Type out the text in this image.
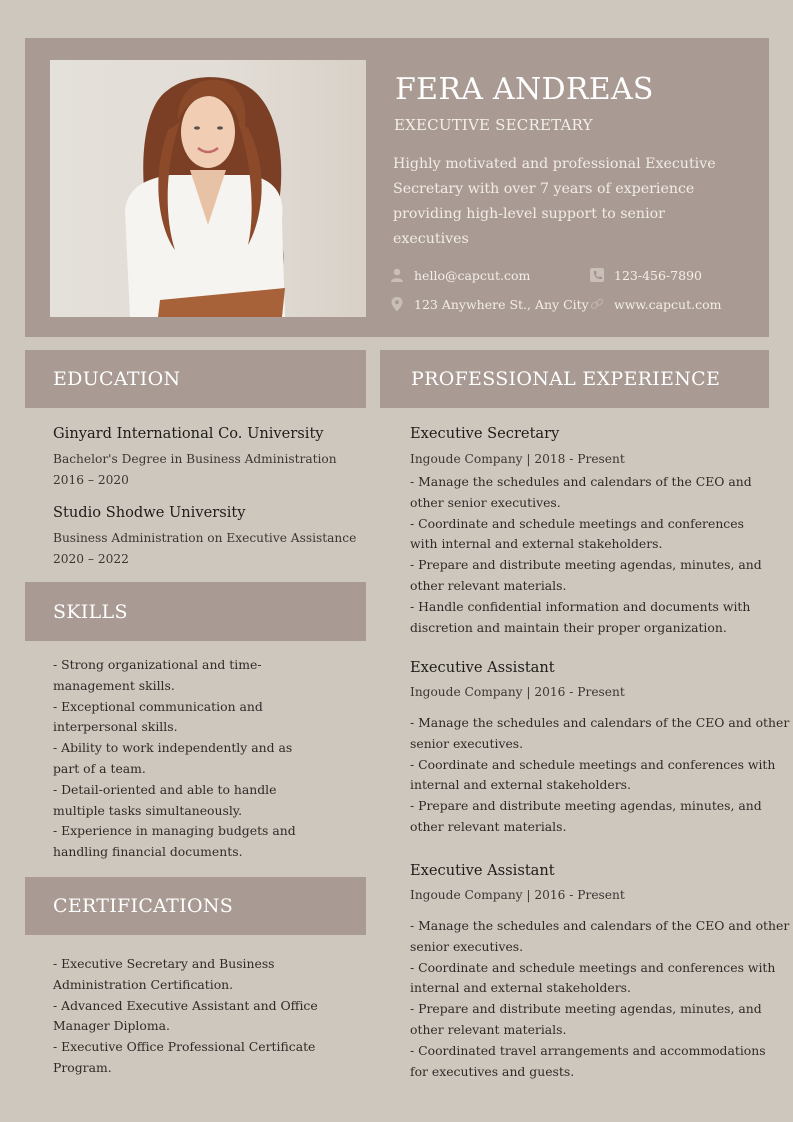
FERA ANDREAS
EXECUTIVE SECRETARY
Highly motivated and professional Executive
Secretary with over 7 years of experience
providing high-level support to senior
executives
hello@capcut.com	123-456-7890
123 Anywhere St., Any City www.capcut.com
EDUCATION
Ginyard International Co. University
Bachelor's Degree in Business Administration
2016 – 2020
Studio Shodwe University
Business Administration on Executive Assistance
2020 – 2022
SKILLS
- Strong organizational and time-
management skills.
- Exceptional communication and
interpersonal skills.
- Ability to work independently and as
part of a team.
- Detail-oriented and able to handle
multiple tasks simultaneously.
- Experience in managing budgets and
handling financial documents.
CERTIFICATIONS
- Executive Secretary and Business
Administration Certification.
- Advanced Executive Assistant and Office
Manager Diploma.
- Executive Office Professional Certificate
Program.
PROFESSIONAL EXPERIENCE
Executive Secretary
Ingoude Company | 2018 - Present
- Manage the schedules and calendars of the CEO and
other senior executives.
- Coordinate and schedule meetings and conferences
with internal and external stakeholders.
- Prepare and distribute meeting agendas, minutes, and
other relevant materials.
- Handle confidential information and documents with
discretion and maintain their proper organization.
Executive Assistant
Ingoude Company | 2016 - Present
- Manage the schedules and calendars of the CEO and other
senior executives.
- Coordinate and schedule meetings and conferences with
internal and external stakeholders.
- Prepare and distribute meeting agendas, minutes, and
other relevant materials.
Executive Assistant
Ingoude Company | 2016 - Present
- Manage the schedules and calendars of the CEO and other
senior executives.
- Coordinate and schedule meetings and conferences with
internal and external stakeholders.
- Prepare and distribute meeting agendas, minutes, and
other relevant materials.
- Coordinated travel arrangements and accommodations
for executives and guests.
